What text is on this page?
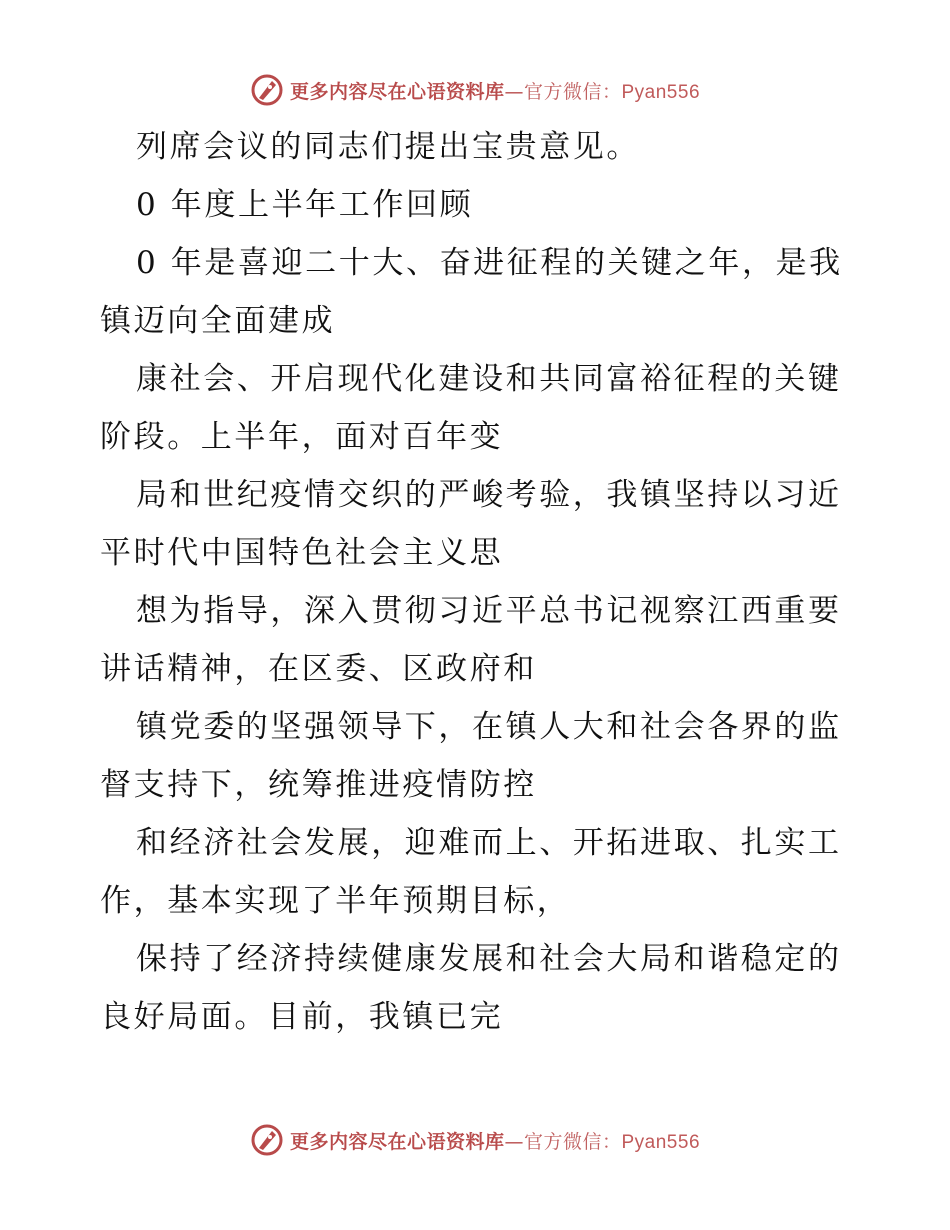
更多内容尽在心语资料库—官方微信：Pyan556
列席会议的同志们提出宝贵意见。
0 年度上半年工作回顾
0 年是喜迎二十大、奋进征程的关键之年，是我
镇迈向全面建成
康社会、开启现代化建设和共同富裕征程的关键
阶段。上半年，面对百年变
局和世纪疫情交织的严峻考验，我镇坚持以习近
平时代中国特色社会主义思
想为指导，深入贯彻习近平总书记视察江西重要
讲话精神，在区委、区政府和
镇党委的坚强领导下，在镇人大和社会各界的监
督支持下，统筹推进疫情防控
和经济社会发展，迎难而上、开拓进取、扎实工
作，基本实现了半年预期目标，
保持了经济持续健康发展和社会大局和谐稳定的
良好局面。目前，我镇已完
更多内容尽在心语资料库—官方微信：Pyan556
